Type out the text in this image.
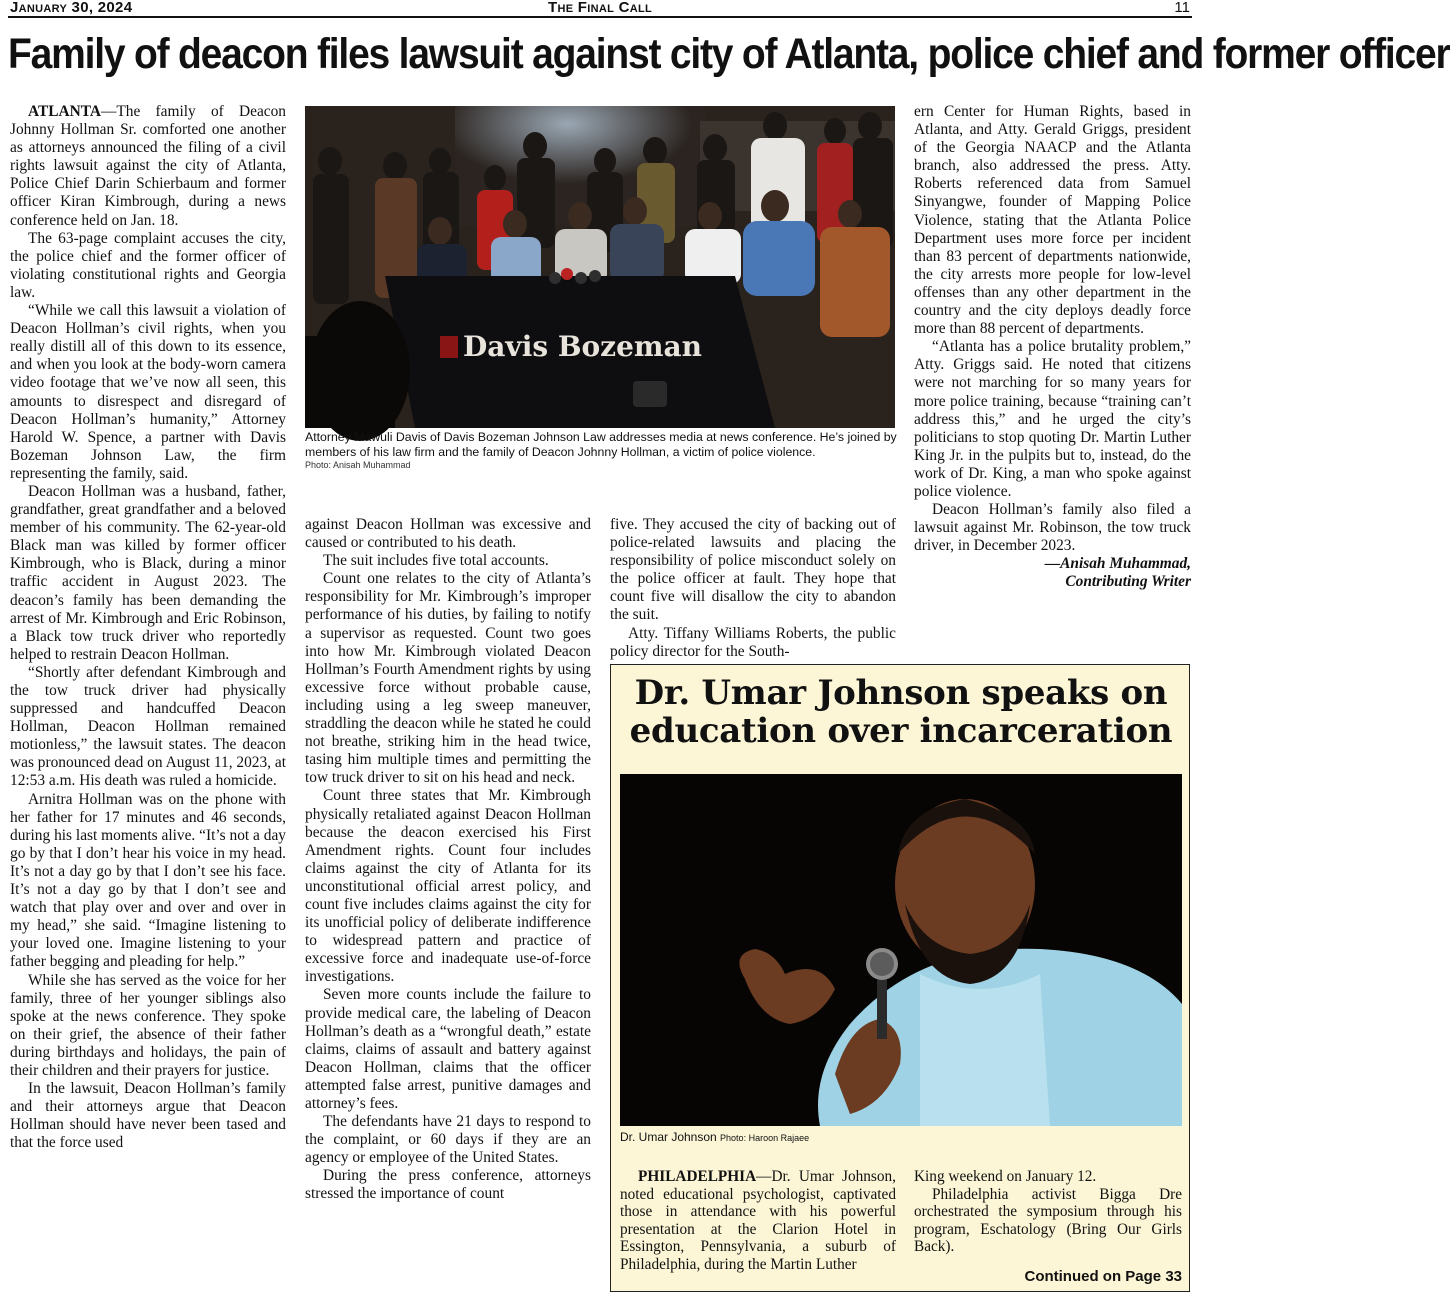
January 30, 2024	The Final Call	11
Family of deacon files lawsuit against city of Atlanta, police chief and former officer

ATLANTA—The family of Deacon Johnny Hollman Sr. comforted one another as attorneys announced the filing of a civil rights lawsuit against the city of Atlanta, Police Chief Darin Schierbaum and former officer Kiran Kimbrough, during a news conference held on Jan. 18.

The 63-page complaint accuses the city, the police chief and the former officer of violating constitutional rights and Georgia law.

“While we call this lawsuit a violation of Deacon Hollman’s civil rights, when you really distill all of this down to its essence, and when you look at the body-worn camera video footage that we’ve now all seen, this amounts to disrespect and disregard of Deacon Hollman’s humanity,” Attorney Harold W. Spence, a partner with Davis Bozeman Johnson Law, the firm representing the family, said.

Deacon Hollman was a husband, father, grandfather, great grandfather and a beloved member of his community. The 62-year-old Black man was killed by former officer Kimbrough, who is Black, during a minor traffic accident in August 2023. The deacon’s family has been demanding the arrest of Mr. Kimbrough and Eric Robinson, a Black tow truck driver who reportedly helped to restrain Deacon Hollman.

“Shortly after defendant Kimbrough and the tow truck driver had physically suppressed and handcuffed Deacon Hollman, Deacon Hollman remained motionless,” the lawsuit states. The deacon was pronounced dead on August 11, 2023, at 12:53 a.m. His death was ruled a homicide.

Arnitra Hollman was on the phone with her father for 17 minutes and 46 seconds, during his last moments alive. “It’s not a day go by that I don’t hear his voice in my head. It’s not a day go by that I don’t see his face. It’s not a day go by that I don’t see and watch that play over and over and over in my head,” she said. “Imagine listening to your loved one. Imagine listening to your father begging and pleading for help.”

While she has served as the voice for her family, three of her younger siblings also spoke at the news conference. They spoke on their grief, the absence of their father during birthdays and holidays, the pain of their children and their prayers for justice.

In the lawsuit, Deacon Hollman’s family and their attorneys argue that Deacon Hollman should have never been tased and that the force used

Davis Bozeman
Attorney Mawuli Davis of Davis Bozeman Johnson Law addresses media at news conference. He’s joined by members of his law firm and the family of Deacon Johnny Hollman, a victim of police violence.
Photo: Anisah Muhammad

against Deacon Hollman was excessive and caused or contributed to his death.

The suit includes five total accounts.

Count one relates to the city of Atlanta’s responsibility for Mr. Kimbrough’s improper performance of his duties, by failing to notify a supervisor as requested. Count two goes into how Mr. Kimbrough violated Deacon Hollman’s Fourth Amendment rights by using excessive force without probable cause, including using a leg sweep maneuver, straddling the deacon while he stated he could not breathe, striking him in the head twice, tasing him multiple times and permitting the tow truck driver to sit on his head and neck.

Count three states that Mr. Kimbrough physically retaliated against Deacon Hollman because the deacon exercised his First Amendment rights. Count four includes claims against the city of Atlanta for its unconstitutional official arrest policy, and count five includes claims against the city for its unofficial policy of deliberate indifference to widespread pattern and practice of excessive force and inadequate use-of-force investigations.

Seven more counts include the failure to provide medical care, the labeling of Deacon Hollman’s death as a “wrongful death,” estate claims, claims of assault and battery against Deacon Hollman, claims that the officer attempted false arrest, punitive damages and attorney’s fees.

The defendants have 21 days to respond to the complaint, or 60 days if they are an agency or employee of the United States.

During the press conference, attorneys stressed the importance of count

five. They accused the city of backing out of police-related lawsuits and placing the responsibility of police misconduct solely on the police officer at fault. They hope that count five will disallow the city to abandon the suit.

Atty. Tiffany Williams Roberts, the public policy director for the South-

ern Center for Human Rights, based in Atlanta, and Atty. Gerald Griggs, president of the Georgia NAACP and the Atlanta branch, also addressed the press. Atty. Roberts referenced data from Samuel Sinyangwe, founder of Mapping Police Violence, stating that the Atlanta Police Department uses more force per incident than 83 percent of departments nationwide, the city arrests more people for low-level offenses than any other department in the country and the city deploys deadly force more than 88 percent of departments.

“Atlanta has a police brutality problem,” Atty. Griggs said. He noted that citizens were not marching for so many years for more police training, because “training can’t address this,” and he urged the city’s politicians to stop quoting Dr. Martin Luther King Jr. in the pulpits but to, instead, do the work of Dr. King, a man who spoke against police violence.

Deacon Hollman’s family also filed a lawsuit against Mr. Robinson, the tow truck driver, in December 2023.

—Anisah Muhammad,

Contributing Writer

Dr. Umar Johnson speaks on education over incarceration
Dr. Umar Johnson Photo: Haroon Rajaee

PHILADELPHIA—Dr. Umar Johnson, noted educational psychologist, captivated those in attendance with his powerful presentation at the Clarion Hotel in Essington, Pennsylvania, a suburb of Philadelphia, during the Martin Luther

King weekend on January 12.

Philadelphia activist Bigga Dre orchestrated the symposium through his program, Eschatology (Bring Our Girls Back).

Continued on Page 33
